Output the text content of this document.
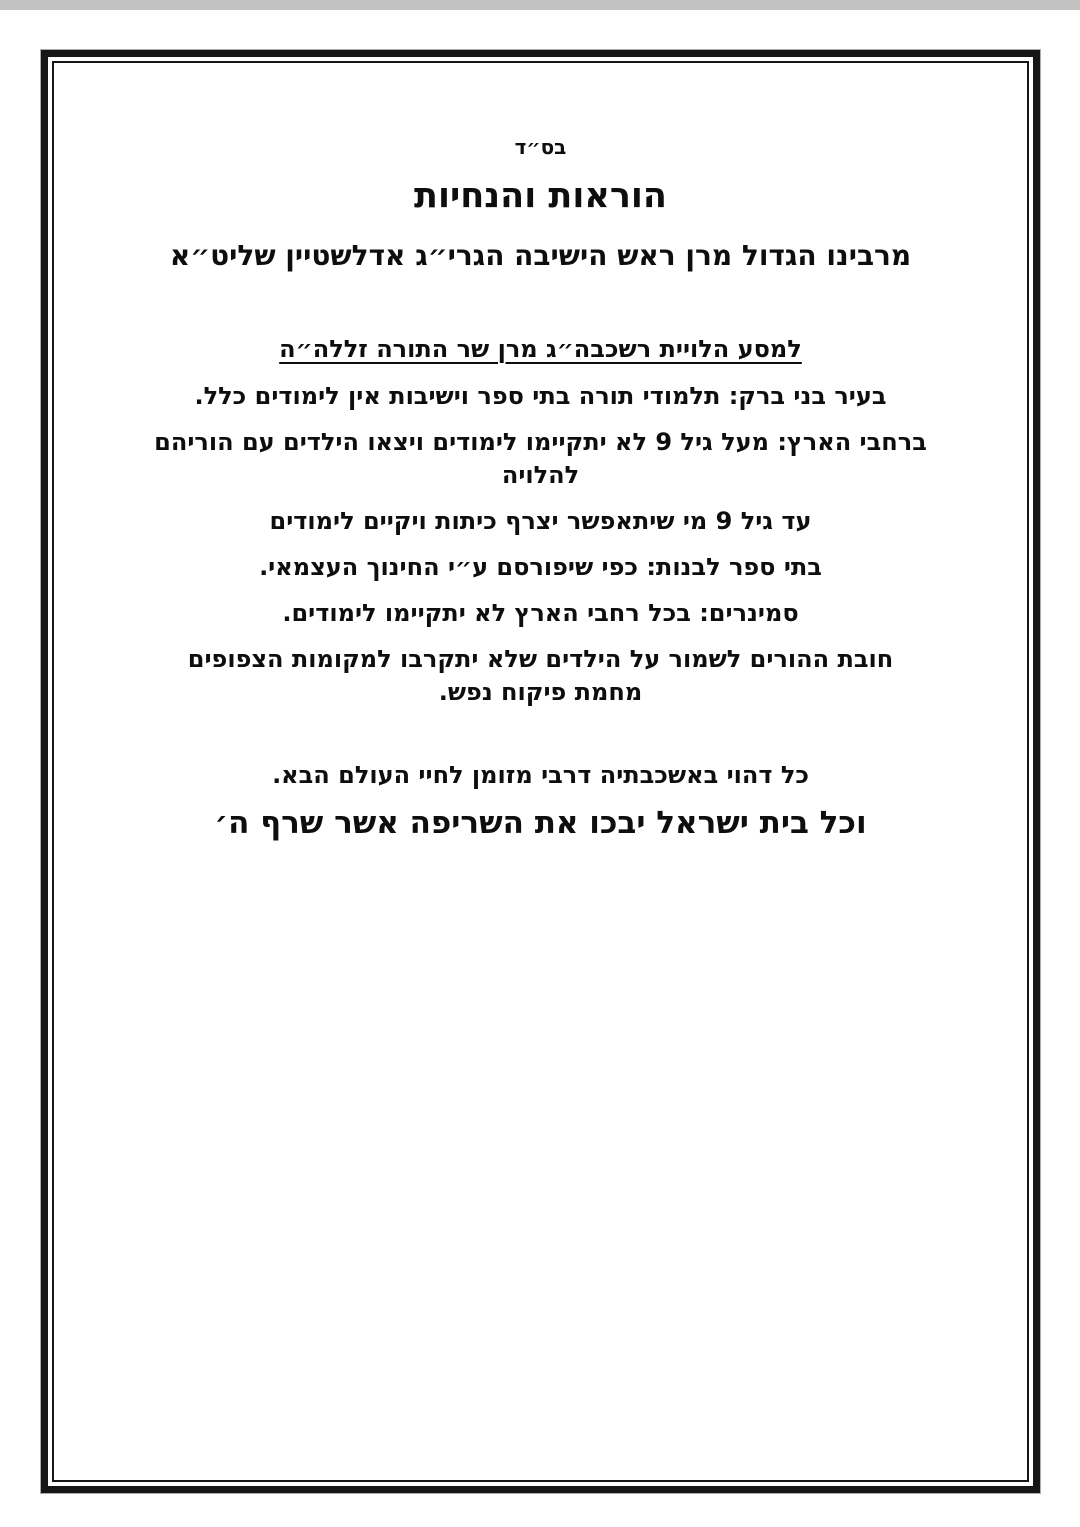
בס״ד
הוראות והנחיות
מרבינו הגדול מרן ראש הישיבה הגרי״ג אדלשטיין שליט״א
למסע הלויית רשכבה״ג מרן שר התורה זללה״ה
בעיר בני ברק: תלמודי תורה בתי ספר וישיבות אין לימודים כלל.
ברחבי הארץ: מעל גיל 9 לא יתקיימו לימודים ויצאו הילדים עם הוריהם
להלויה
עד גיל 9 מי שיתאפשר יצרף כיתות ויקיים לימודים
בתי ספר לבנות: כפי שיפורסם ע״י החינוך העצמאי.
סמינרים: בכל רחבי הארץ לא יתקיימו לימודים.
חובת ההורים לשמור על הילדים שלא יתקרבו למקומות הצפופים
מחמת פיקוח נפש.
כל דהוי באשכבתיה דרבי מזומן לחיי העולם הבא.
וכל בית ישראל יבכו את השריפה אשר שרף ה׳
